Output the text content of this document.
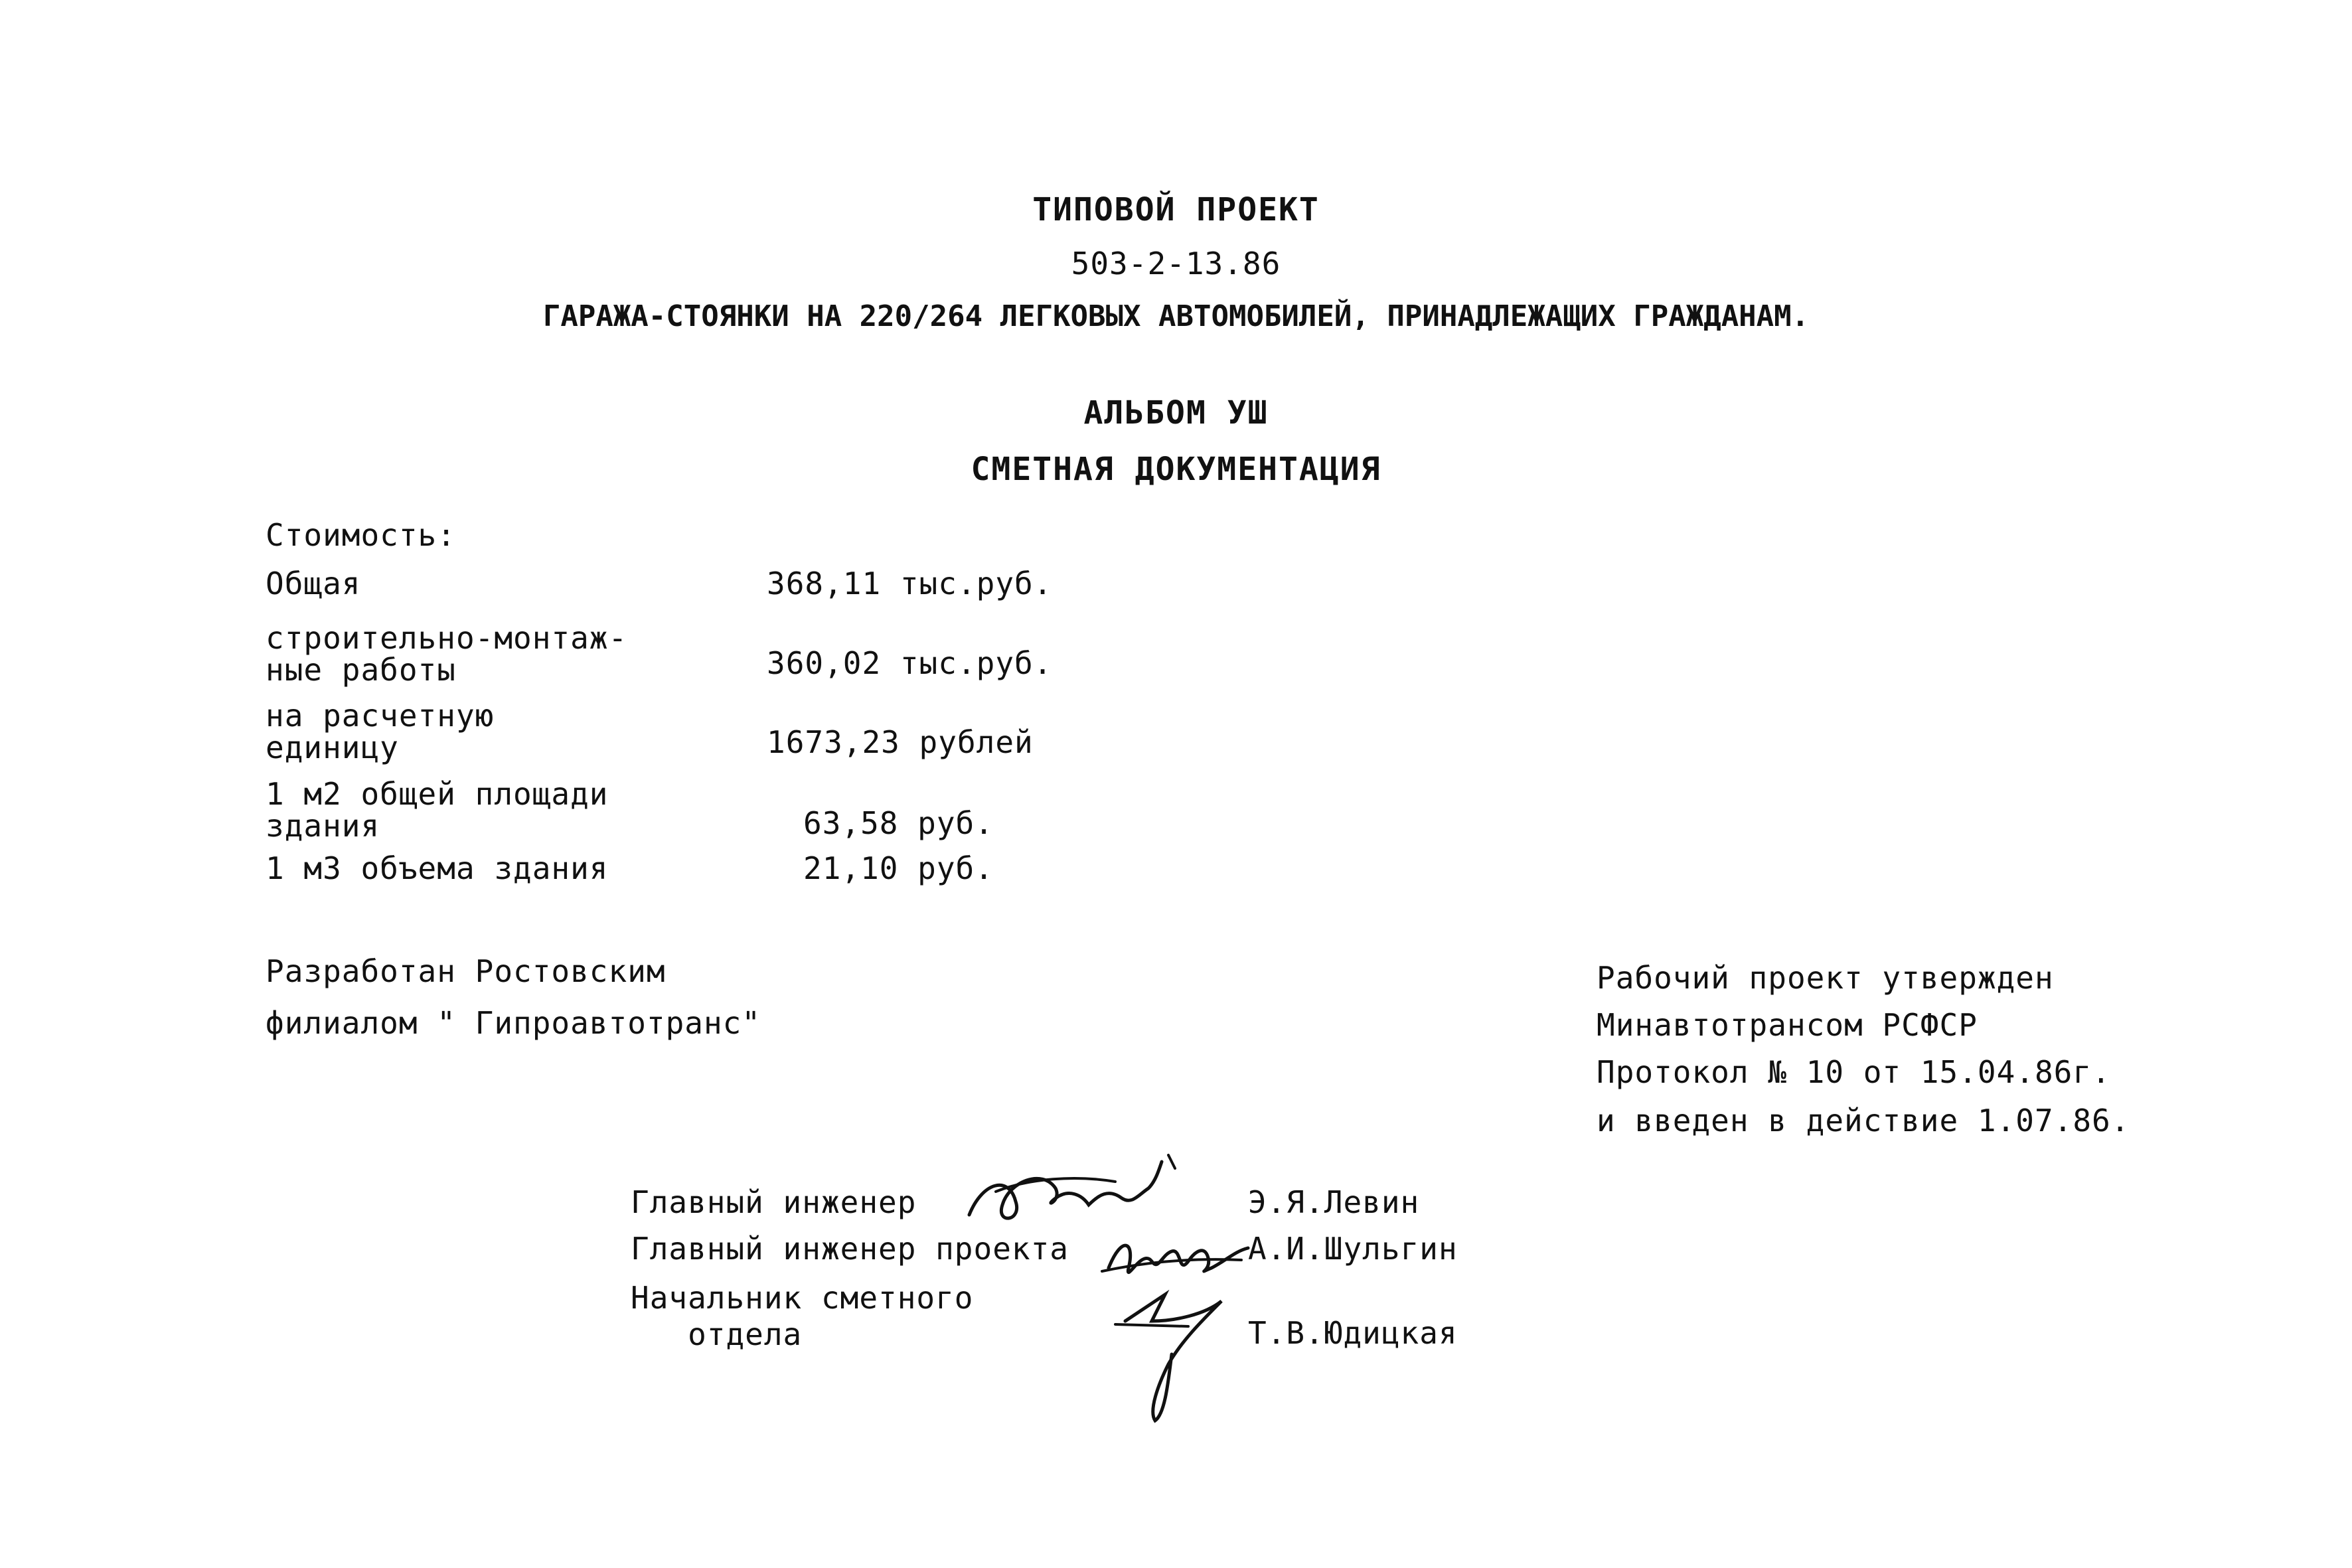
ТИПОВОЙ ПРОЕКТ
503-2-13.86
ГАРАЖА-СТОЯНКИ НА 220/264 ЛЕГКОВЫХ АВТОМОБИЛЕЙ, ПРИНАДЛЕЖАЩИХ ГРАЖДАНАМ.
АЛЬБОМ УШ
СМЕТНАЯ ДОКУМЕНТАЦИЯ
Стоимость:
Общая	368,11 тыс.руб.
строительно-монтаж-
ные работы	360,02 тыс.руб.
на расчетную
единицу	1673,23 рублей
1 м2 общей площади
здания	63,58 руб.
1 м3 объема здания	21,10 руб.
Разработан Ростовским
филиалом " Гипроавтотранс"
Рабочий проект утвержден
Минавтотрансом РСФСР
Протокол № 10 от 15.04.86г.
и введен в действие 1.07.86.
Главный инженер	Э.Я.Левин
Главный инженер проекта	А.И.Шульгин
Начальник сметного
отдела	Т.В.Юдицкая
